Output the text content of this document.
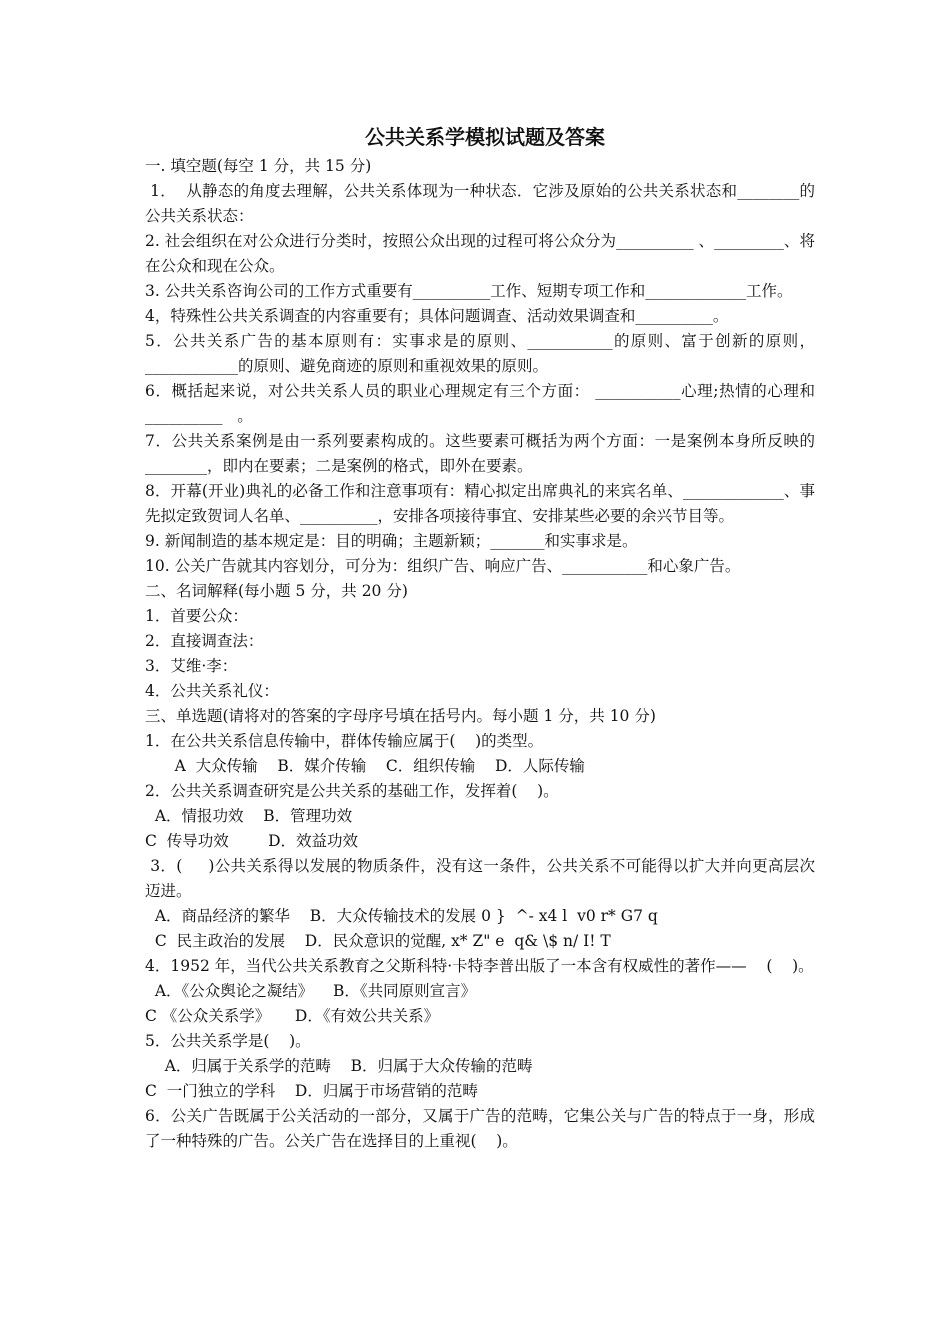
公共关系学模拟试题及答案

一. 填空题(每空 1 分，共 15 分)

1．  从静态的角度去理解，公共关系体现为一种状态．它涉及原始的公共关系状态和________的公共关系状态：

2. 社会组织在对公众进行分类时，按照公众出现的过程可将公众分为__________ 、_________、将在公众和现在公众。

3. 公共关系咨询公司的工作方式重要有__________工作、短期专项工作和_____________工作。

4，特殊性公共关系调查的内容重要有；具体问题调查、活动效果调查和__________。

5．公共关系广告的基本原则有：实事求是的原则、___________的原则、富于创新的原则，____________的原则、避免商迹的原则和重视效果的原则。

6．概括起来说，对公共关系人员的职业心理规定有三个方面： ___________心理;热情的心理和 __________   。

7．公共关系案例是由一系列要素构成的。这些要素可概括为两个方面：一是案例本身所反映的________，即内在要素；二是案例的格式，即外在要素。

8．开幕(开业)典礼的必备工作和注意事项有：精心拟定出席典礼的来宾名单、_____________、事先拟定致贺词人名单、__________，安排各项接待事宜、安排某些必要的余兴节目等。

9. 新闻制造的基本规定是：目的明确；主题新颖；_______和实事求是。

10. 公关广告就其内容划分，可分为：组织广告、响应广告、___________和心象广告。

二、名词解释(每小题 5 分，共 20 分)

1．首要公众：

2．直接调查法：

3．艾维·李：

4．公共关系礼仪：

三、单选题(请将对的答案的字母序号填在括号内。每小题 1 分，共 10 分)

1．在公共关系信息传输中，群体传输应属于(    )的类型。

A  大众传输    B．媒介传输    C．组织传输    D．人际传输

2．公共关系调查研究是公共关系的基础工作，发挥着(    )。

A．情报功效    B．管理功效

C  传导功效        D．效益功效

3．(     )公共关系得以发展的物质条件，没有这一条件，公共关系不可能得以扩大并向更高层次迈进。

A．商品经济的繁华    B．大众传输技术的发展 0 }  ^- x4 l  v0 r* G7 q

C  民主政治的发展    D．民众意识的觉醒, x* Z" e  q& \$ n/ I! T

4．1952 年，当代公共关系教育之父斯科特·卡特李普出版了一本含有权威性的著作——    (    )。

A．《公众舆论之凝结》    B．《共同原则宣言》

C 《公众关系学》     D．《有效公共关系》

5．公共关系学是(    )。

A．归属于关系学的范畴    B．归属于大众传输的范畴

C  一门独立的学科    D．归属于市场营销的范畴

6．公关广告既属于公关活动的一部分，又属于广告的范畴，它集公关与广告的特点于一身，形成了一种特殊的广告。公关广告在选择目的上重视(    )。
